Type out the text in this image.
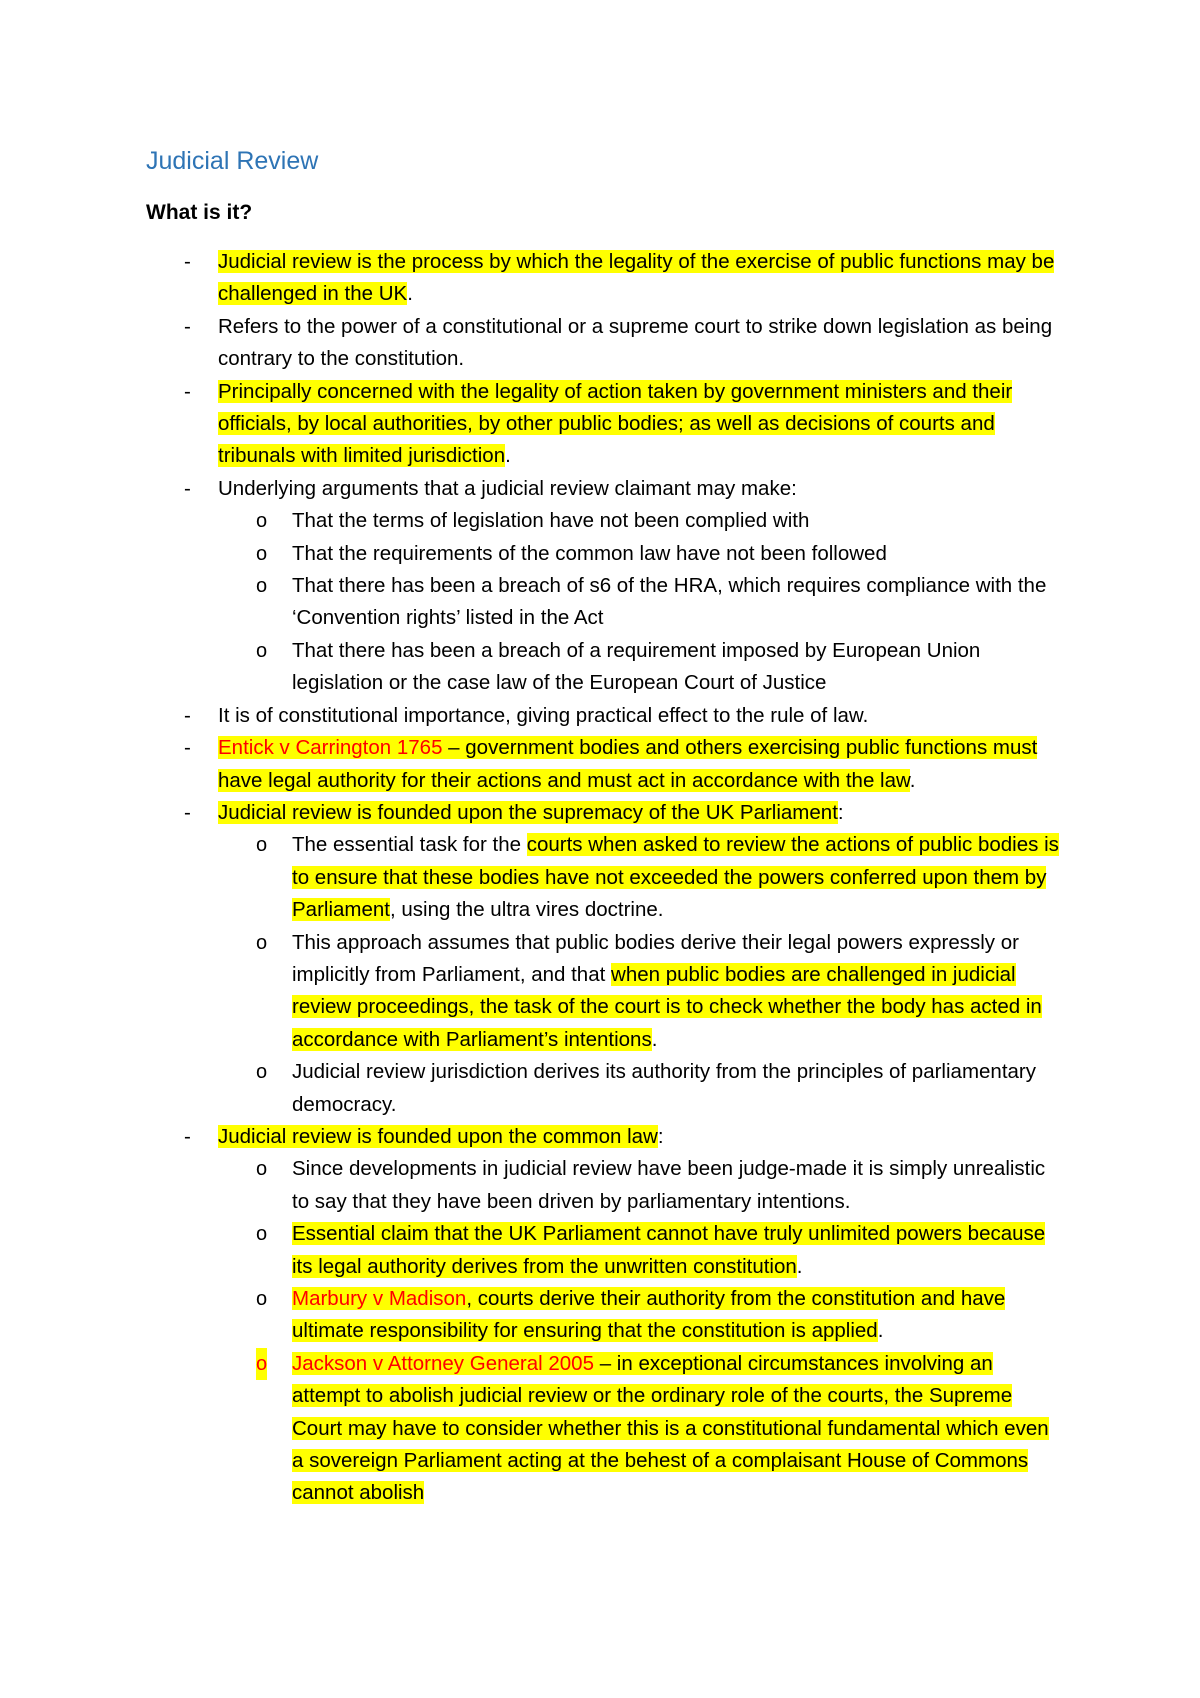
Judicial Review
What is it?
- Judicial review is the process by which the legality of the exercise of public functions may be challenged in the UK.
- Refers to the power of a constitutional or a supreme court to strike down legislation as being contrary to the constitution.
- Principally concerned with the legality of action taken by government ministers and their officials, by local authorities, by other public bodies; as well as decisions of courts and tribunals with limited jurisdiction.
- Underlying arguments that a judicial review claimant may make:
o That the terms of legislation have not been complied with
o That the requirements of the common law have not been followed
o That there has been a breach of s6 of the HRA, which requires compliance with the ‘Convention rights’ listed in the Act
o That there has been a breach of a requirement imposed by European Union legislation or the case law of the European Court of Justice
- It is of constitutional importance, giving practical effect to the rule of law.
- Entick v Carrington 1765 – government bodies and others exercising public functions must have legal authority for their actions and must act in accordance with the law.
- Judicial review is founded upon the supremacy of the UK Parliament:
o The essential task for the courts when asked to review the actions of public bodies is to ensure that these bodies have not exceeded the powers conferred upon them by Parliament, using the ultra vires doctrine.
o This approach assumes that public bodies derive their legal powers expressly or implicitly from Parliament, and that when public bodies are challenged in judicial review proceedings, the task of the court is to check whether the body has acted in accordance with Parliament’s intentions.
o Judicial review jurisdiction derives its authority from the principles of parliamentary democracy.
- Judicial review is founded upon the common law:
o Since developments in judicial review have been judge-made it is simply unrealistic to say that they have been driven by parliamentary intentions.
o Essential claim that the UK Parliament cannot have truly unlimited powers because its legal authority derives from the unwritten constitution.
o Marbury v Madison, courts derive their authority from the constitution and have ultimate responsibility for ensuring that the constitution is applied.
o Jackson v Attorney General 2005 – in exceptional circumstances involving an attempt to abolish judicial review or the ordinary role of the courts, the Supreme Court may have to consider whether this is a constitutional fundamental which even a sovereign Parliament acting at the behest of a complaisant House of Commons cannot abolish
